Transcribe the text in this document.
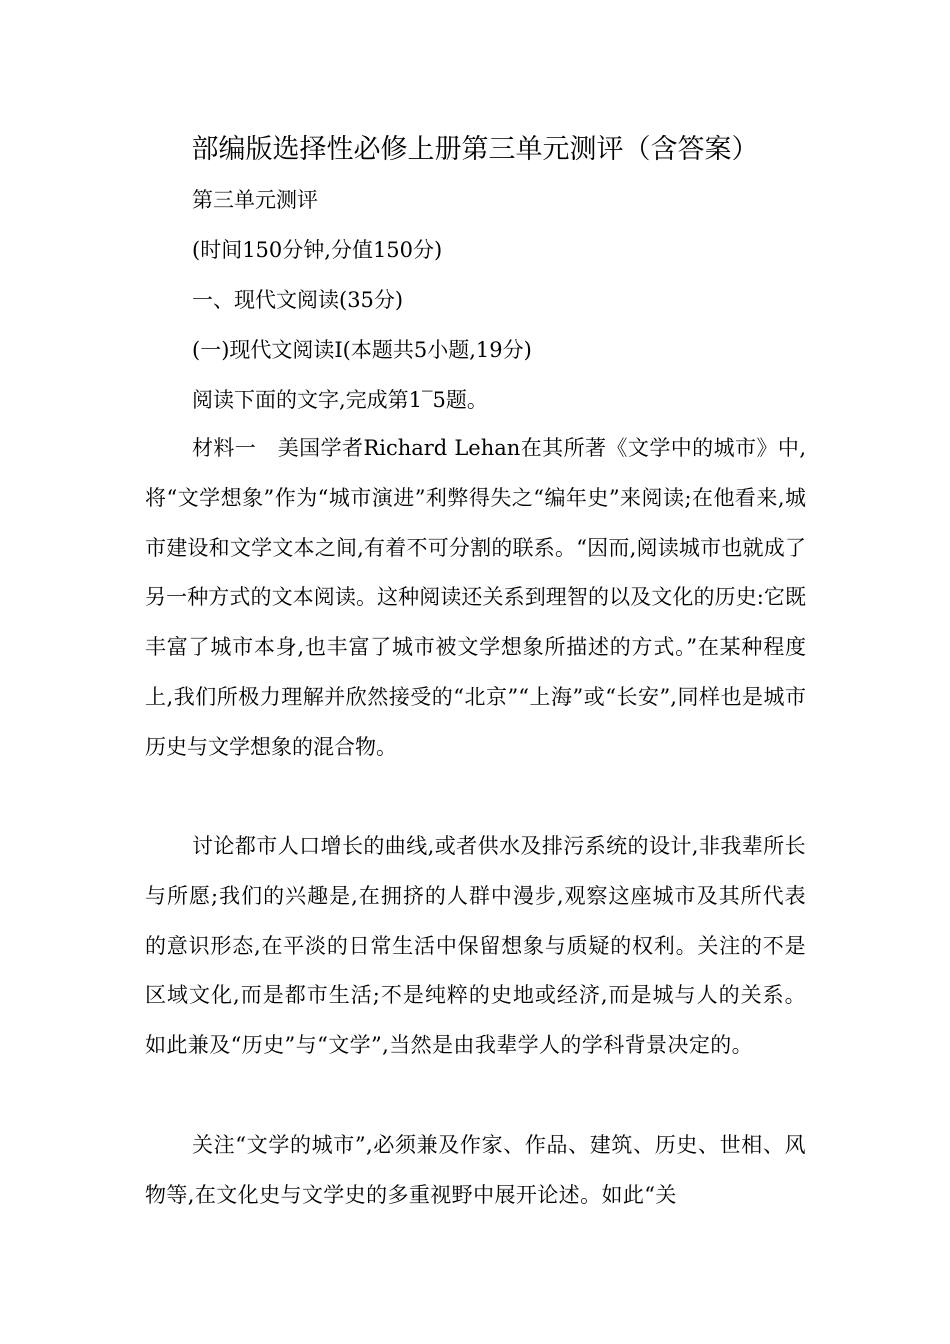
部编版选择性必修上册第三单元测评（含答案）

第三单元测评

(时间150分钟,分值150分)

一、现代文阅读(35分)

(一)现代文阅读Ⅰ(本题共5小题,19分)

阅读下面的文字,完成第1‾5题。

材料一　美国学者Richard Lehan在其所著《文学中的城市》中,将“文学想象”作为“城市演进”利弊得失之“编年史”来阅读;在他看来,城市建设和文学文本之间,有着不可分割的联系。“因而,阅读城市也就成了另一种方式的文本阅读。这种阅读还关系到理智的以及文化的历史:它既丰富了城市本身,也丰富了城市被文学想象所描述的方式。”在某种程度上,我们所极力理解并欣然接受的“北京”“上海”或“长安”,同样也是城市历史与文学想象的混合物。

讨论都市人口增长的曲线,或者供水及排污系统的设计,非我辈所长与所愿;我们的兴趣是,在拥挤的人群中漫步,观察这座城市及其所代表的意识形态,在平淡的日常生活中保留想象与质疑的权利。关注的不是区域文化,而是都市生活;不是纯粹的史地或经济,而是城与人的关系。如此兼及“历史”与“文学”,当然是由我辈学人的学科背景决定的。

关注“文学的城市”,必须兼及作家、作品、建筑、历史、世相、风物等,在文化史与文学史的多重视野中展开论述。如此“关
